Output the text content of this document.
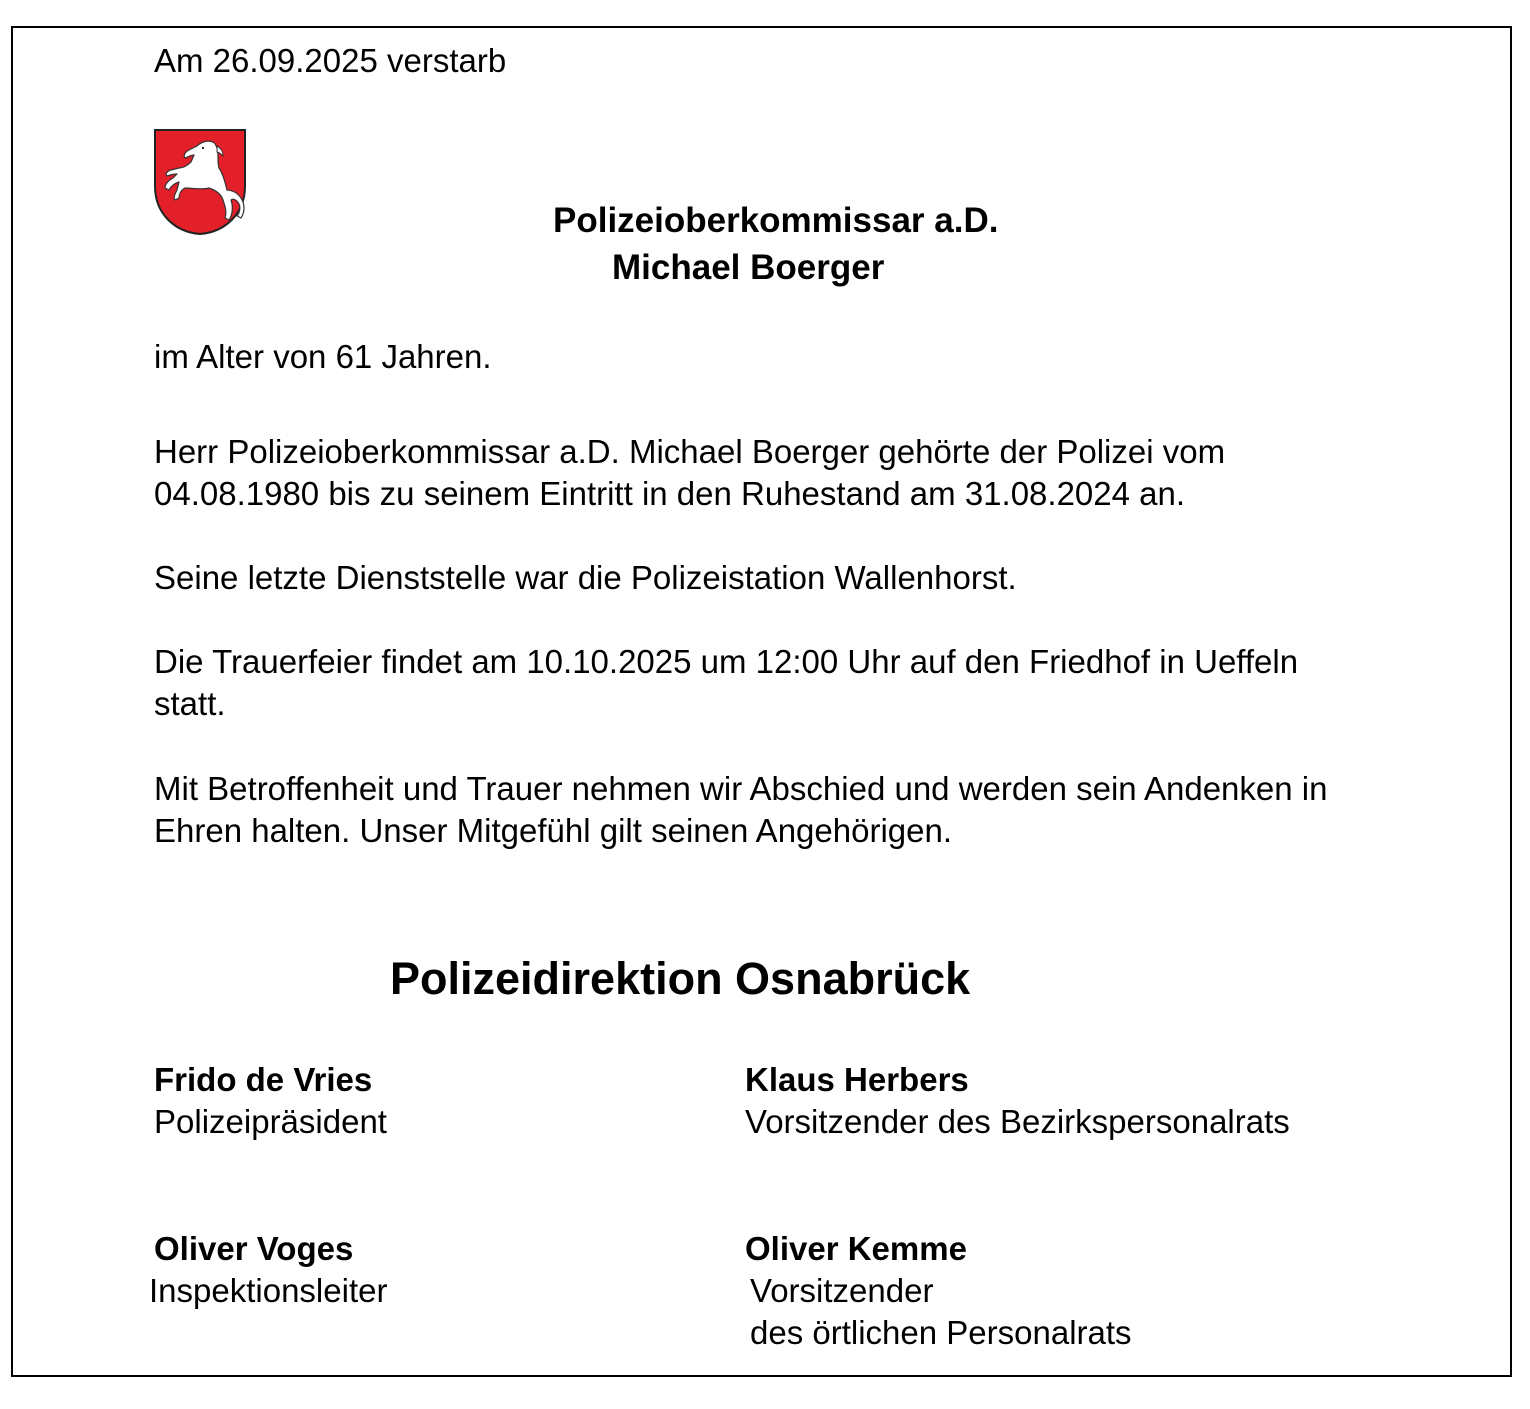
Am 26.09.2025 verstarb

Polizeioberkommissar a.D.

Michael Boerger

im Alter von 61 Jahren.

Herr Polizeioberkommissar a.D. Michael Boerger gehörte der Polizei vom

04.08.1980 bis zu seinem Eintritt in den Ruhestand am 31.08.2024 an.

Seine letzte Dienststelle war die Polizeistation Wallenhorst.

Die Trauerfeier findet am 10.10.2025 um 12:00 Uhr auf den Friedhof in Ueffeln

statt.

Mit Betroffenheit und Trauer nehmen wir Abschied und werden sein Andenken in

Ehren halten. Unser Mitgefühl gilt seinen Angehörigen.

Polizeidirektion Osnabrück

Frido de Vries

Polizeipräsident

Klaus Herbers

Vorsitzender des Bezirkspersonalrats

Oliver Voges

Inspektionsleiter

Oliver Kemme

Vorsitzender

des örtlichen Personalrats
